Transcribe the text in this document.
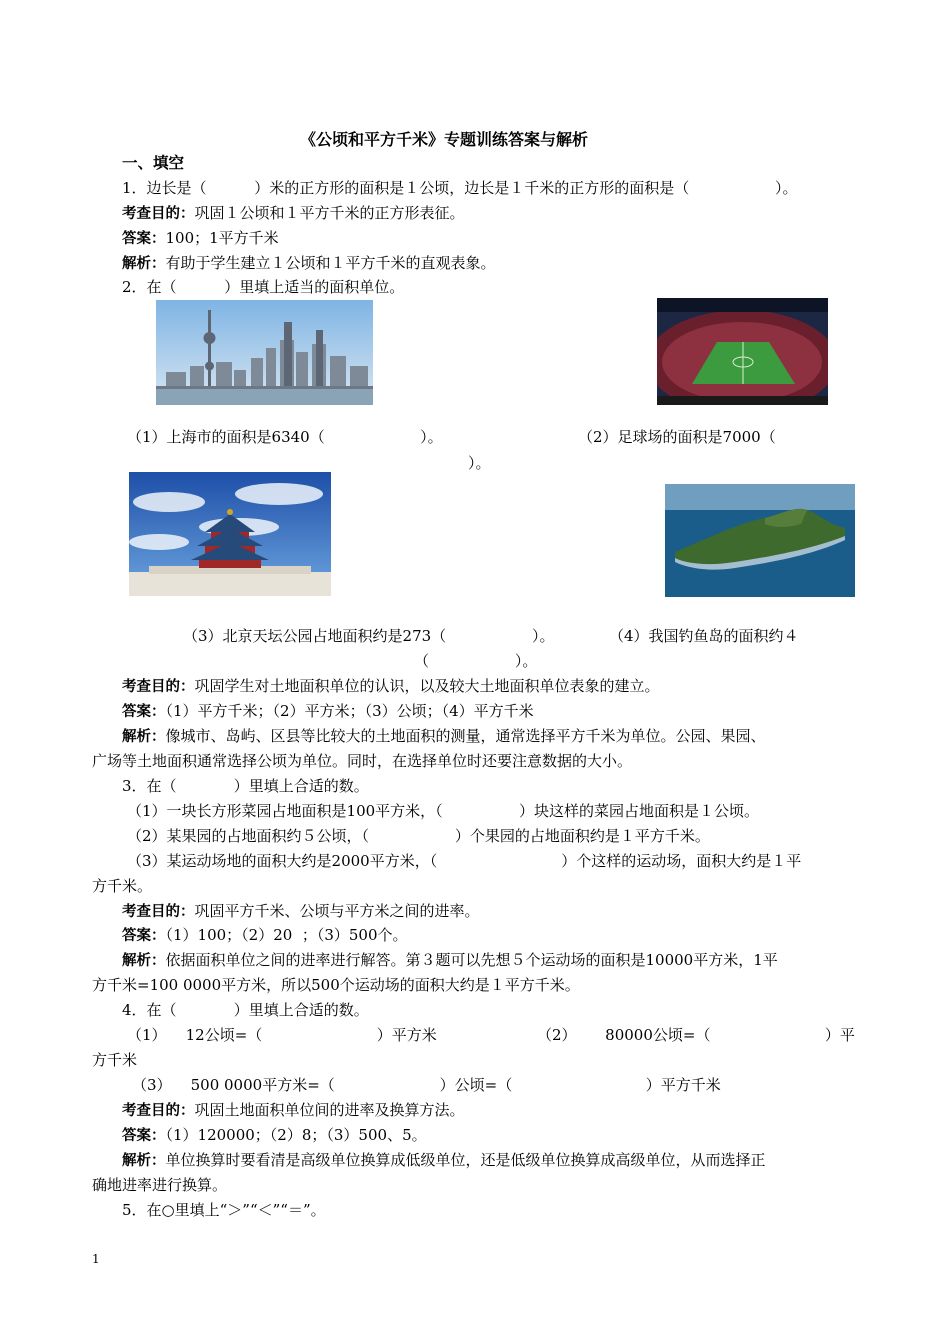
《公顷和平方千米》专题训练答案与解析
一、填空
1．边长是（          ）米的正方形的面积是１公顷，边长是１千米的正方形的面积是（                  ）。
考查目的：巩固１公顷和１平方千米的正方形表征。
答案：100；1平方千米
解析：有助于学生建立１公顷和１平方千米的直观表象。
2．在（          ）里填上适当的面积单位。
（1）上海市的面积是6340（                    ）。	（2）足球场的面积是7000（
）。
（3）北京天坛公园占地面积约是273（                  ）。	（4）我国钓鱼岛的面积约４
（                  ）。
考查目的：巩固学生对土地面积单位的认识，以及较大土地面积单位表象的建立。
答案：（1）平方千米；（2）平方米；（3）公顷；（4）平方千米
解析：像城市、岛屿、区县等比较大的土地面积的测量，通常选择平方千米为单位。公园、果园、
广场等土地面积通常选择公顷为单位。同时，在选择单位时还要注意数据的大小。
3．在（            ）里填上合适的数。
（1）一块长方形菜园占地面积是100平方米，（                ）块这样的菜园占地面积是１公顷。
（2）某果园的占地面积约５公顷，（                  ）个果园的占地面积约是１平方千米。
（3）某运动场地的面积大约是2000平方米，（                          ）个这样的运动场，面积大约是１平
方千米。
考查目的：巩固平方千米、公顷与平方米之间的进率。
答案：（1）100；（2）20  ；（3）500个。
解析：依据面积单位之间的进率进行解答。第３题可以先想５个运动场的面积是10000平方米，1平
方千米=100 0000平方米，所以500个运动场的面积大约是１平方千米。
4．在（            ）里填上合适的数。
（1）    12公顷=（                        ）平方米	（2）      80000公顷=（                        ）平
方千米
（3）    500 0000平方米=（                      ）公顷=（                            ）平方千米
考查目的：巩固土地面积单位间的进率及换算方法。
答案：（1）120000；（2）8；（3）500、5。
解析：单位换算时要看清是高级单位换算成低级单位，还是低级单位换算成高级单位，从而选择正
确地进率进行换算。
5．在○里填上“＞”“＜”“＝”。
1
